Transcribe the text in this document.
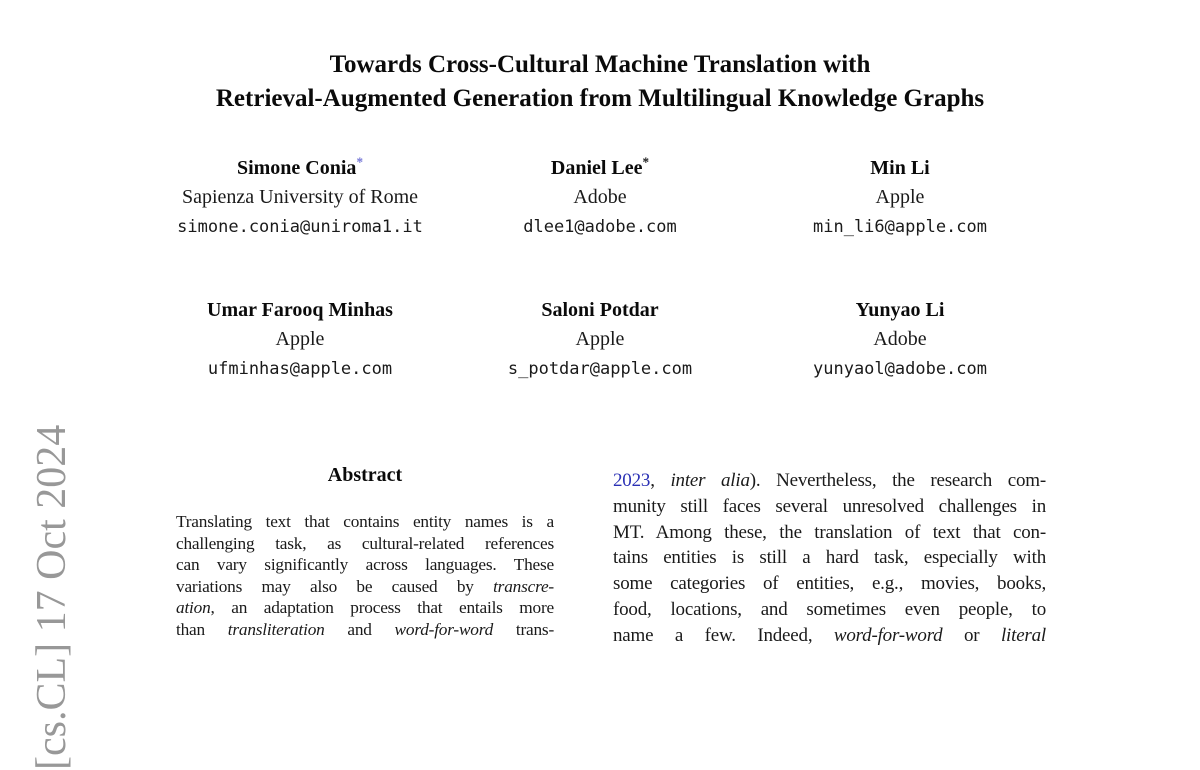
Towards Cross-Cultural Machine Translation with
Retrieval-Augmented Generation from Multilingual Knowledge Graphs
Simone Conia*
Sapienza University of Rome
simone.conia@uniroma1.it
Daniel Lee*
Adobe
dlee1@adobe.com
Min Li
Apple
min_li6@apple.com
Umar Farooq Minhas
Apple
ufminhas@apple.com
Saloni Potdar
Apple
s_potdar@apple.com
Yunyao Li
Adobe
yunyaol@adobe.com
Abstract
Translating text that contains entity names is a
challenging task, as cultural-related references
can vary significantly across languages. These
variations may also be caused by transcre-
ation, an adaptation process that entails more
than transliteration and word-for-word trans-
2023, inter alia). Nevertheless, the research com-
munity still faces several unresolved challenges in
MT. Among these, the translation of text that con-
tains entities is still a hard task, especially with
some categories of entities, e.g., movies, books,
food, locations, and sometimes even people, to
name a few. Indeed, word-for-word or literal
[cs.CL] 17 Oct 2024
